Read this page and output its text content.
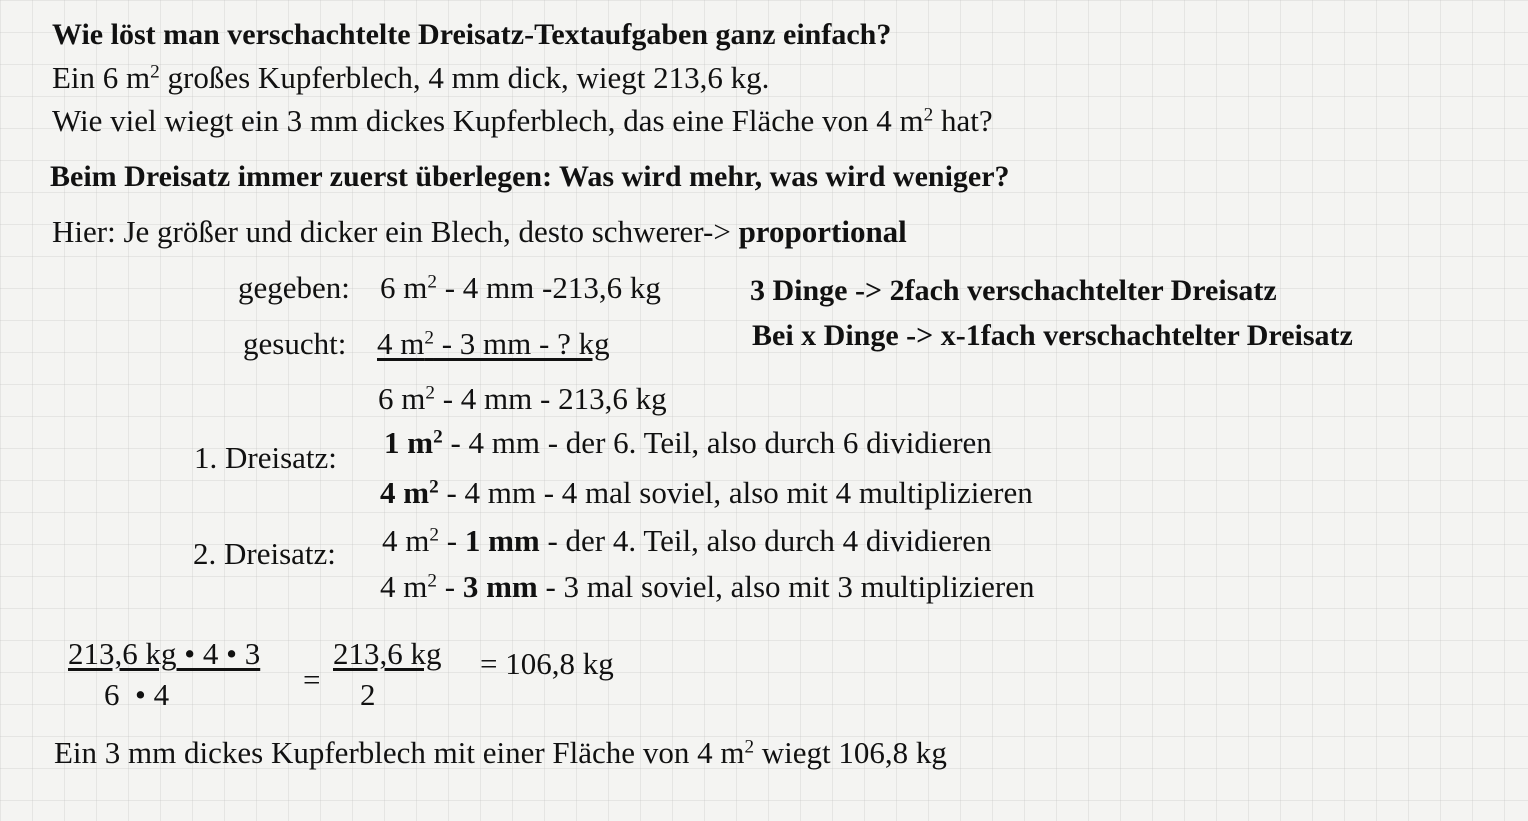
Wie löst man verschachtelte Dreisatz-Textaufgaben ganz einfach?
Ein 6 $m^2$ großes Kupferblech, 4 mm dick, wiegt 213,6 kg.
Wie viel wiegt ein 3 mm dickes Kupferblech, das eine Fläche von 4 $m^2$ hat?
Beim Dreisatz immer zuerst überlegen: Was wird mehr, was wird weniger?
Hier: Je größer und dicker ein Blech, desto schwerer-> proportional
gegeben: 6 $m^2 - 4$ mm -213,6 kg	3 Dinge -> 2fach verschachtelter Dreisatz
gesucht: 4 $m^2 - 3$ mm - ? kg	Bei x Dinge -> x-1fach verschachtelter Dreisatz
6 $m^2 - 4$ mm - 213,6 kg
1. Dreisatz: 1 $m^2 - 4$ mm - der 6. Teil, also durch 6 dividieren
4 $m^2 - 4$ mm - 4 mal soviel, also mit 4 multiplizieren
2. Dreisatz: 4 $m^2 - 1$ mm - der 4. Teil, also durch 4 dividieren
4 $m^2 - 3$ mm - 3 mal soviel, also mit 3 multiplizieren
213,6 kg • 4 • 3
6  • 4	=
213,6 kg
2
= 106,8 kg
Ein 3 mm dickes Kupferblech mit einer Fläche von 4 $m^2$ wiegt 106,8 kg
